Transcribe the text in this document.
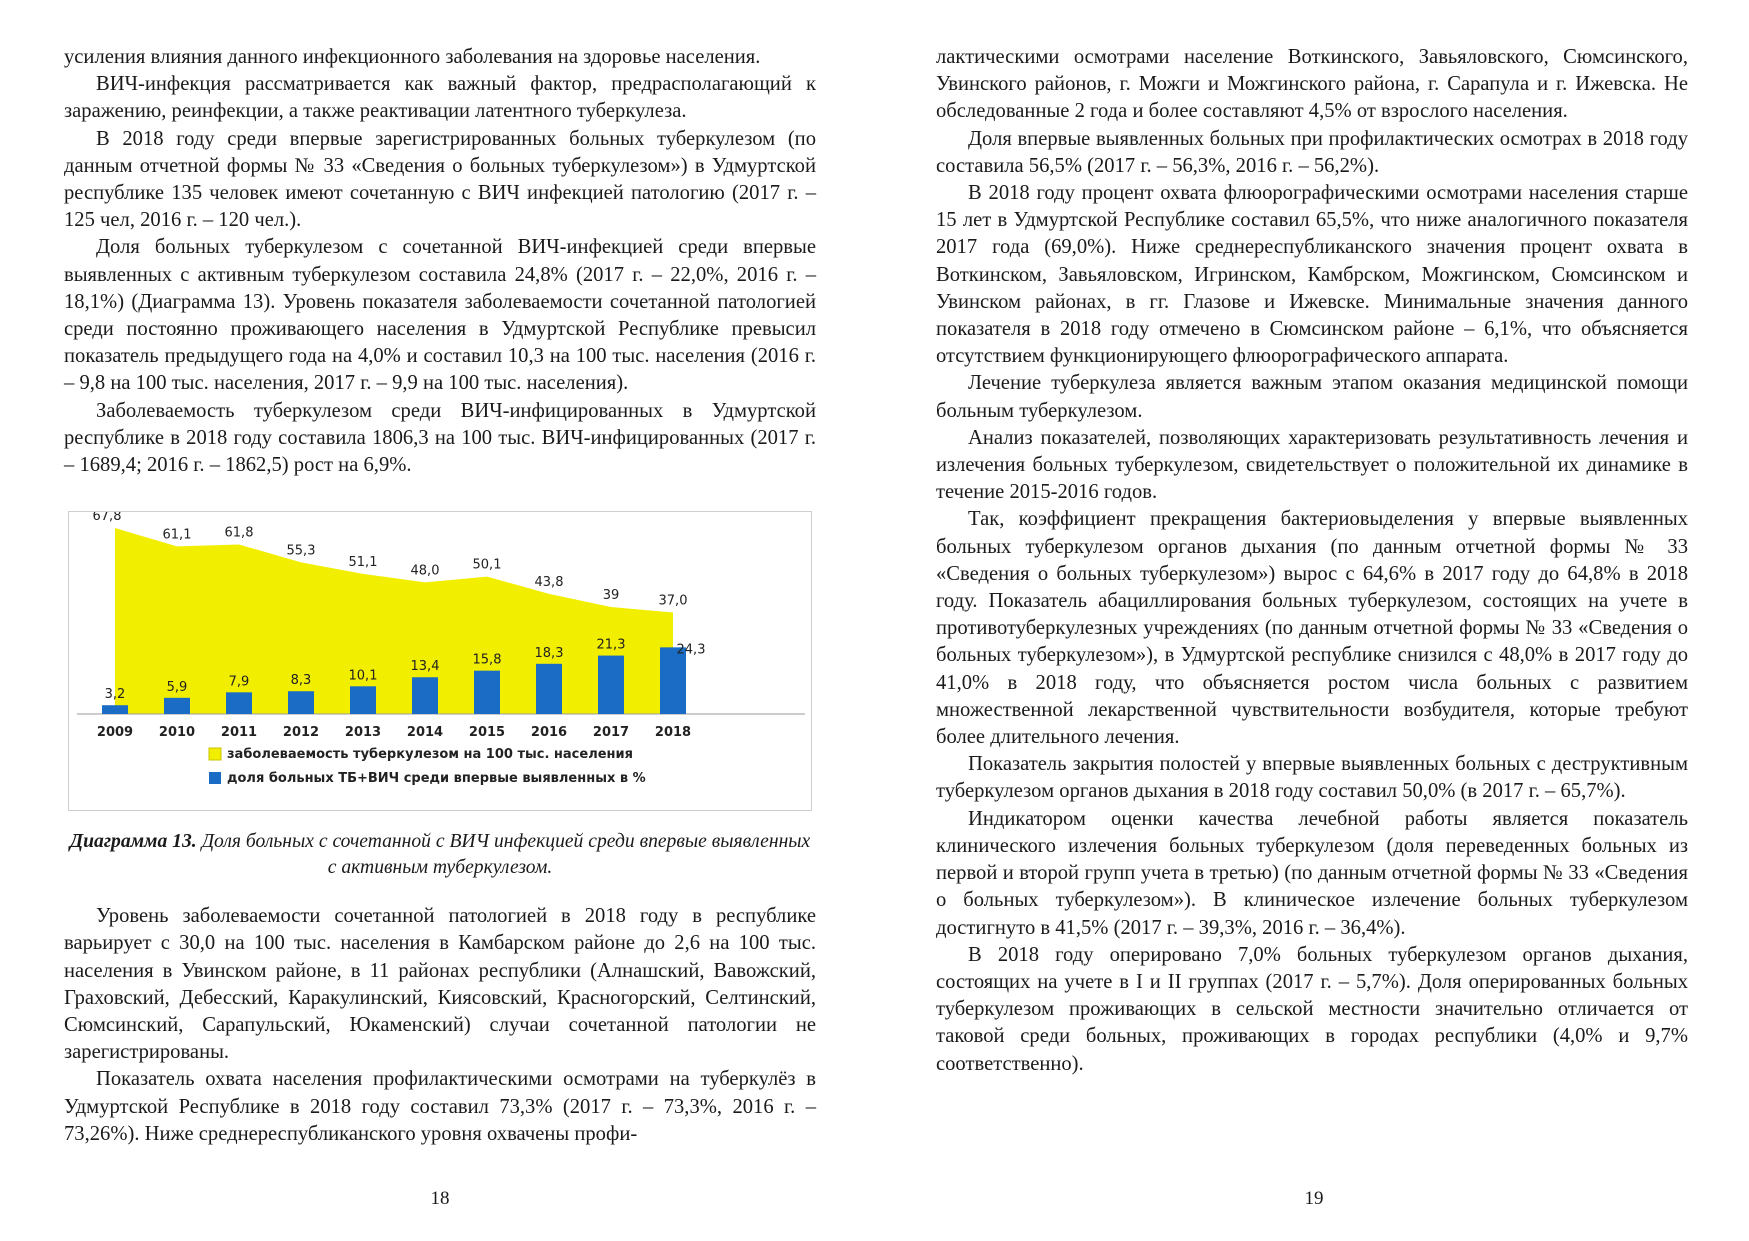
усиления влияния данного инфекционного заболевания на здоровье населения.

ВИЧ-инфекция рассматривается как важный фактор, предрасполагающий к заражению, реинфекции, а также реактивации латентного туберкулеза.

В 2018 году среди впервые зарегистрированных больных туберкулезом (по данным отчетной формы № 33 «Сведения о больных туберкулезом») в Удмуртской республике 135 человек имеют сочетанную с ВИЧ инфекцией патологию (2017 г. – 125 чел, 2016 г. – 120 чел.).

Доля больных туберкулезом с сочетанной ВИЧ-инфекцией среди впервые выявленных с активным туберкулезом составила 24,8% (2017 г. – 22,0%, 2016 г. – 18,1%) (Диаграмма 13). Уровень показателя заболеваемости сочетанной патологией среди постоянно проживающего населения в Удмуртской Республике превысил показатель предыдущего года на 4,0% и составил 10,3 на 100 тыс. населения (2016 г. – 9,8 на 100 тыс. населения, 2017 г. – 9,9 на 100 тыс. населения).

Заболеваемость туберкулезом среди ВИЧ-инфицированных в Удмуртской республике в 2018 году составила 1806,3 на 100 тыс. ВИЧ-инфицированных (2017 г. – 1689,4; 2016 г. – 1862,5) рост на 6,9%.

67,8
61,1	61,8
55,3
51,1
48,0	50,1
43,8
39	37,0
3,2	5,9	7,9	8,3	10,1
13,4	15,8	18,3
21,3	24,3
2009 2010 2011 2012 2013 2014 2015 2016 2017 2018
заболеваемость туберкулезом на 100 тыс. населения
доля больных ТБ+ВИЧ среди впервые выявленных в %

Диаграмма 13. Доля больных с сочетанной с ВИЧ инфекцией среди впервые выявленных с активным туберкулезом.

Уровень заболеваемости сочетанной патологией в 2018 году в республике варьирует с 30,0 на 100 тыс. населения в Камбарском районе до 2,6 на 100 тыс. населения в Увинском районе, в 11 районах республики (Алнашский, Вавожский, Граховский, Дебесский, Каракулинский, Киясовский, Красногорский, Селтинский, Сюмсинский, Сарапульский, Юкаменский) случаи сочетанной патологии не зарегистрированы.

Показатель охвата населения профилактическими осмотрами на туберкулёз в Удмуртской Республике в 2018 году составил 73,3% (2017 г. – 73,3%, 2016 г. – 73,26%). Ниже среднереспубликанского уровня охвачены профи-

18

лактическими осмотрами население Воткинского, Завьяловского, Сюмсинского, Увинского районов, г. Можги и Можгинского района, г. Сарапула и г. Ижевска. Не обследованные 2 года и более составляют 4,5% от взрослого населения.

Доля впервые выявленных больных при профилактических осмотрах в 2018 году составила 56,5% (2017 г. – 56,3%, 2016 г. – 56,2%).

В 2018 году процент охвата флюорографическими осмотрами населения старше 15 лет в Удмуртской Республике составил 65,5%, что ниже аналогичного показателя 2017 года (69,0%). Ниже среднереспубликанского значения процент охвата в Воткинском, Завьяловском, Игринском, Камбрском, Можгинском, Сюмсинском и Увинском районах, в гг. Глазове и Ижевске. Минимальные значения данного показателя в 2018 году отмечено в Сюмсинском районе – 6,1%, что объясняется отсутствием функционирующего флюорографического аппарата.

Лечение туберкулеза является важным этапом оказания медицинской помощи больным туберкулезом.

Анализ показателей, позволяющих характеризовать результативность лечения и излечения больных туберкулезом, свидетельствует о положительной их динамике в течение 2015-2016 годов.

Так, коэффициент прекращения бактериовыделения у впервые выявленных больных туберкулезом органов дыхания (по данным отчетной формы № 33 «Сведения о больных туберкулезом») вырос с 64,6% в 2017 году до 64,8% в 2018 году. Показатель абациллирования больных туберкулезом, состоящих на учете в противотуберкулезных учреждениях (по данным отчетной формы № 33 «Сведения о больных туберкулезом»), в Удмуртской республике снизился с 48,0% в 2017 году до 41,0% в 2018 году, что объясняется ростом числа больных с развитием множественной лекарственной чувствительности возбудителя, которые требуют более длительного лечения.

Показатель закрытия полостей у впервые выявленных больных с деструктивным туберкулезом органов дыхания в 2018 году составил 50,0% (в 2017 г. – 65,7%).

Индикатором оценки качества лечебной работы является показатель клинического излечения больных туберкулезом (доля переведенных больных из первой и второй групп учета в третью) (по данным отчетной формы № 33 «Сведения о больных туберкулезом»). В клиническое излечение больных туберкулезом достигнуто в 41,5% (2017 г. – 39,3%, 2016 г. – 36,4%).

В 2018 году оперировано 7,0% больных туберкулезом органов дыхания, состоящих на учете в I и II группах (2017 г. – 5,7%). Доля оперированных больных туберкулезом проживающих в сельской местности значительно отличается от таковой среди больных, проживающих в городах республики (4,0% и 9,7% соответственно).

19
